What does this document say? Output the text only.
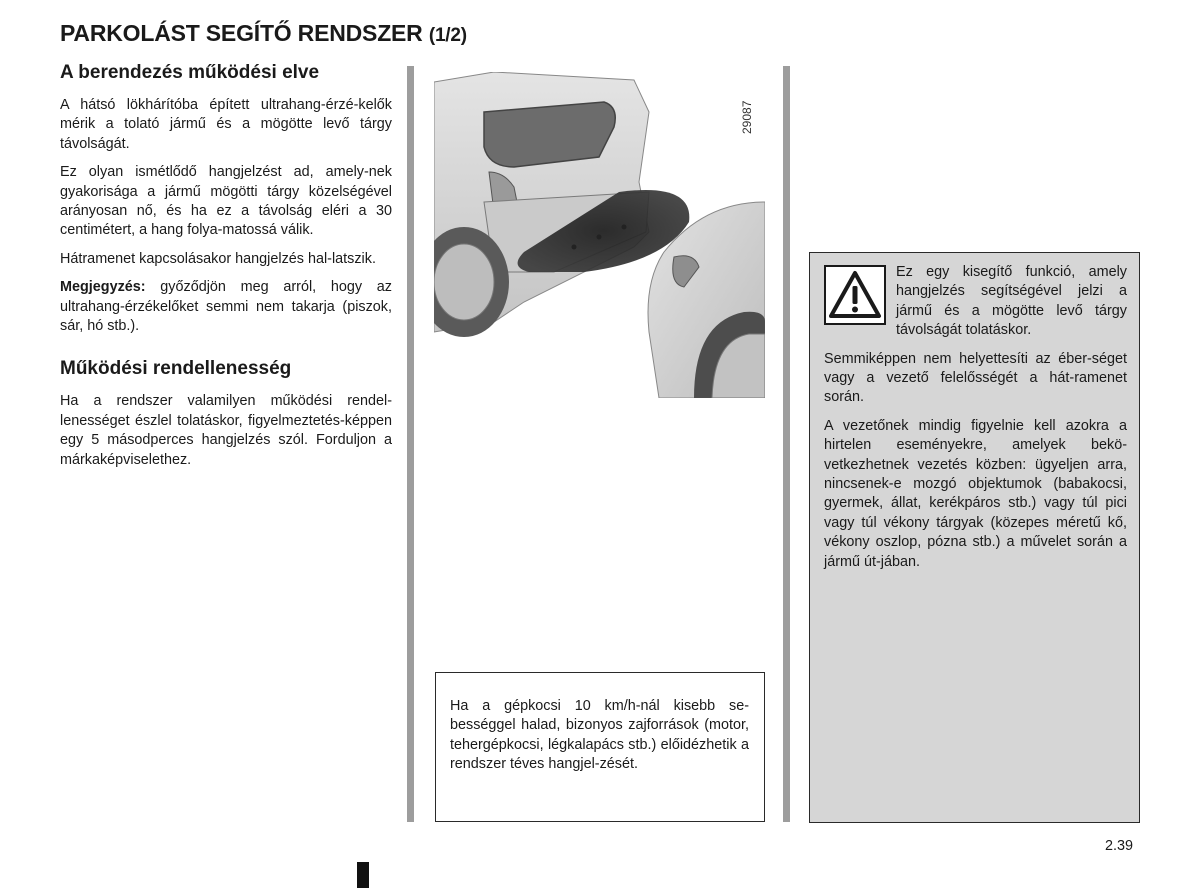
PARKOLÁST SEGÍTŐ RENDSZER (1/2)
A berendezés működési elve

A hátsó lökhárítóba épített ultrahang-érzé-kelők mérik a tolató jármű és a mögötte levő tárgy távolságát.

Ez olyan ismétlődő hangjelzést ad, amely-nek gyakorisága a jármű mögötti tárgy közelségével arányosan nő, és ha ez a távolság eléri a 30 centimétert, a hang folya-matossá válik.

Hátramenet kapcsolásakor hangjelzés hal-latszik.

Megjegyzés: győződjön meg arról, hogy az ultrahang-érzékelőket semmi nem takarja (piszok, sár, hó stb.).

Működési rendellenesség

Ha a rendszer valamilyen működési rendel-lenességet észlel tolatáskor, figyelmeztetés-képpen egy 5 másodperces hangjelzés szól. Forduljon a márkaképviselethez.

29087

Ha a gépkocsi 10 km/h-nál kisebb se-bességgel halad, bizonyos zajforrások (motor, tehergépkocsi, légkalapács stb.) előidézhetik a rendszer téves hangjel-zését.

Ez egy kisegítő funkció, amely hangjelzés segítségével jelzi a jármű és a mögötte levő tárgy távolságát tolatáskor.

Semmiképpen nem helyettesíti az éber-séget vagy a vezető felelősségét a hát-ramenet során.

A vezetőnek mindig figyelnie kell azokra a hirtelen eseményekre, amelyek bekö-vetkezhetnek vezetés közben: ügyeljen arra, nincsenek-e mozgó objektumok (babakocsi, gyermek, állat, kerékpáros stb.) vagy túl pici vagy túl vékony tárgyak (közepes méretű kő, vékony oszlop, pózna stb.) a művelet során a jármű út-jában.

2.39
